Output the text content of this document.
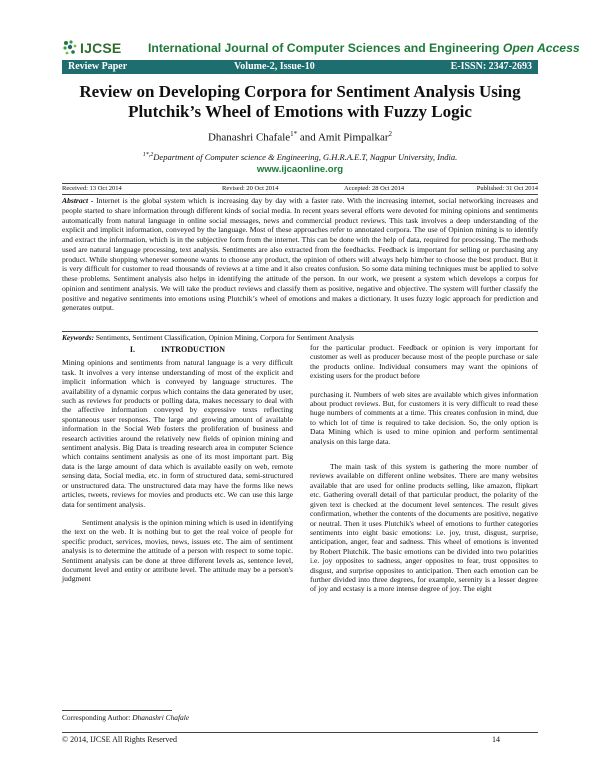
IJCSE International Journal of Computer Sciences and Engineering Open Access
Review Paper	Volume-2, Issue-10	E-ISSN: 2347-2693
Review on Developing Corpora for Sentiment Analysis Using
Plutchik’s Wheel of Emotions with Fuzzy Logic
Dhanashri Chafale$^{1*}$ and Amit Pimpalkar$^2$
$^{1*,2}$Department of Computer science & Engineering, G.H.R.A.E.T, Nagpur University, India.
www.ijcaonline.org
Received: 13 Oct 2014	Revised: 20 Oct 2014	Accepted: 28 Oct 2014	Published: 31 Oct 2014
Abstract - Internet is the global system which is increasing day by day with a faster rate. With the increasing internet, social networking increases and people started to share information through different kinds of social media. In recent years several efforts were devoted for mining opinions and sentiments automatically from natural language in online social messages, news and commercial product reviews. This task involves a deep understanding of the explicit and implicit information, conveyed by the language. Most of these approaches refer to annotated corpora. The use of Opinion mining is to identify and extract the information, which is in the subjective form from the internet. This can be done with the help of data, required for processing. The methods used are natural language processing, text analysis. Sentiments are also extracted from the feedbacks. Feedback is important for selling or purchasing any product. While shopping whenever someone wants to choose any product, the opinion of others will always help him/her to choose the best product. But it is very difficult for customer to read thousands of reviews at a time and it also creates confusion. So some data mining techniques must be applied to solve these problems. Sentiment analysis also helps in identifying the attitude of the person. In our work, we present a system which develops a corpus for opinion and sentiment analysis. We will take the product reviews and classify them as positive, negative and objective. The system will further classify the positive and negative sentiments into emotions using Plutchik’s wheel of emotions and makes a dictionary. It uses fuzzy logic approach for prediction and generates output.
Keywords: Sentiments, Sentiment Classification, Opinion Mining, Corpora for Sentiment Analysis
I.	INTRODUCTION

Mining opinions and sentiments from natural language is a very difficult task. It involves a very intense understanding of most of the explicit and implicit information which is conveyed by language structures. The availability of a dynamic corpus which contains the data generated by user, such as reviews for products or polling data, makes necessary to deal with the affective information conveyed by expressive texts reflecting spontaneous user responses. The large and growing amount of available information in the Social Web fosters the proliferation of business and research activities around the relatively new fields of opinion mining and sentiment analysis. Big Data is treading research area in computer Science which contains sentiment analysis as one of its most important part. Big data is the large amount of data which is available easily on web, remote sensing data, Social media, etc. in form of structured data, semi-structured or unstructured data. The unstructured data may have the forms like news articles, tweets, reviews for movies and products etc. We can use this large data for sentiment analysis.

Sentiment analysis is the opinion mining which is used in identifying the text on the web. It is nothing but to get the real voice of people for specific product, services, movies, news, issues etc. The aim of sentiment analysis is to determine the attitude of a person with respect to some topic. Sentiment analysis can be done at three different levels as, sentence level, document level and entity or attribute level. The attitude may be a person's judgment

for the particular product. Feedback or opinion is very important for customer as well as producer because most of the people purchase or sale the products online. Individual consumers may want the opinions of existing users for the product before

purchasing it. Numbers of web sites are available which gives information about product reviews. But, for customers it is very difficult to read these huge numbers of comments at a time. This creates confusion in mind, due to which lot of time is required to take decision. So, the only option is Data Mining which is used to mine opinion and perform sentimental analysis on this large data.

The main task of this system is gathering the more number of reviews available on different online websites. There are many websites available that are used for online products selling, like amazon, flipkart etc. Gathering overall detail of that particular product, the polarity of the given text is checked at the document level sentences. The result gives confirmation, whether the contents of the documents are positive, negative or neutral. Then it uses Plutchik's wheel of emotions to further categories sentiments into eight basic emotions: i.e. joy, trust, disgust, surprise, anticipation, anger, fear and sadness. This wheel of emotions is invented by Robert Plutchik. The basic emotions can be divided into two polarities i.e. joy opposites to sadness, anger opposites to fear, trust opposites to disgust, and surprise opposites to anticipation. Then each emotion can be further divided into three degrees, for example, serenity is a lesser degree of joy and ecstasy is a more intense degree of joy. The eight

Corresponding Author: Dhanashri Chafale
© 2014, IJCSE All Rights Reserved	14
